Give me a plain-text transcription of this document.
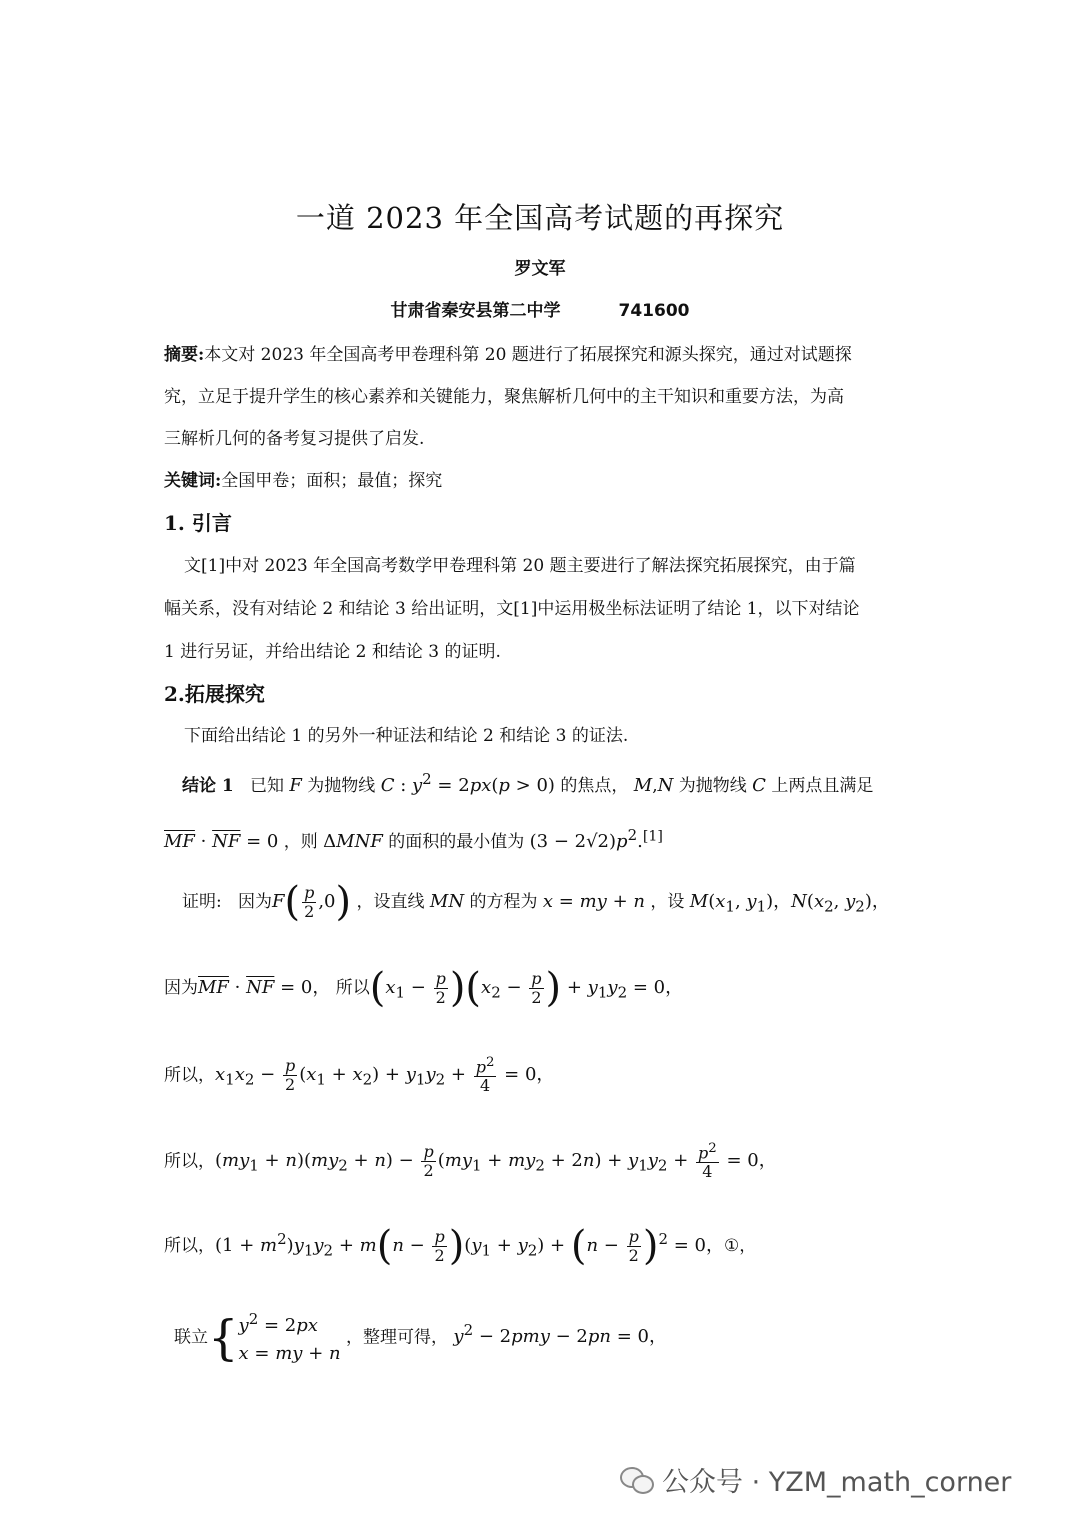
一道 2023 年全国高考试题的再探究
罗文军
甘肃省秦安县第二中学	741600
摘要:本文对 2023 年全国高考甲卷理科第 20 题进行了拓展探究和源头探究，通过对试题探
究，立足于提升学生的核心素养和关键能力，聚焦解析几何中的主干知识和重要方法，为高
三解析几何的备考复习提供了启发.
关键词:全国甲卷；面积；最值；探究
1. 引言
文[1]中对 2023 年全国高考数学甲卷理科第 20 题主要进行了解法探究拓展探究，由于篇
幅关系，没有对结论 2 和结论 3 给出证明，文[1]中运用极坐标法证明了结论 1，以下对结论
1 进行另证，并给出结论 2 和结论 3 的证明.
2.拓展探究
下面给出结论 1 的另外一种证法和结论 2 和结论 3 的证法.
结论 1 已知 F 为抛物线 C : $y^2 = 2px(p > 0)$ 的焦点， M,N 为抛物线 C 上两点且满足
$\overline{MF} \cdot \overline{NF} = 0$ ，则 ΔMNF 的面积的最小值为 $(3 - 2√2)p^2.[1]$
证明: 因为$F( \frac{p}{2} ,0)$ ，设直线 MN 的方程为 x = my + n ，设 $M(x_1$, $y_1$)，$N(x_2$, $y_2$)，
因为$\overline{MF} \cdot \overline{NF} = 0$， 所以$(x_1 - \frac{p}{2} )(x_2 - \frac{p}{2}$ ) + $y_1y_2 = 0$，
所以，$x_1x_2 - \frac{p}{2} (x_1 + x_2) + y_1y_2 + \frac{p^2}{4} = 0$，
所以，$(my_1 + n)(my_2 + n) - \frac{p}{2} (my_1 + my_2 + 2n) + y_1y_2 + \frac{p^2}{4} = 0$，
所以，$(1 + m^2)y_1y_2 + m(n - \frac{p}{2} )(y_1 + y_2) + (n - \frac{p}{2} )^2 = 0$，①，
联立{ $y^2 = 2px$
x = my + n
，整理可得， $y^2 - 2pmy - 2pn = 0$，
公众号 · YZM_math_corner
